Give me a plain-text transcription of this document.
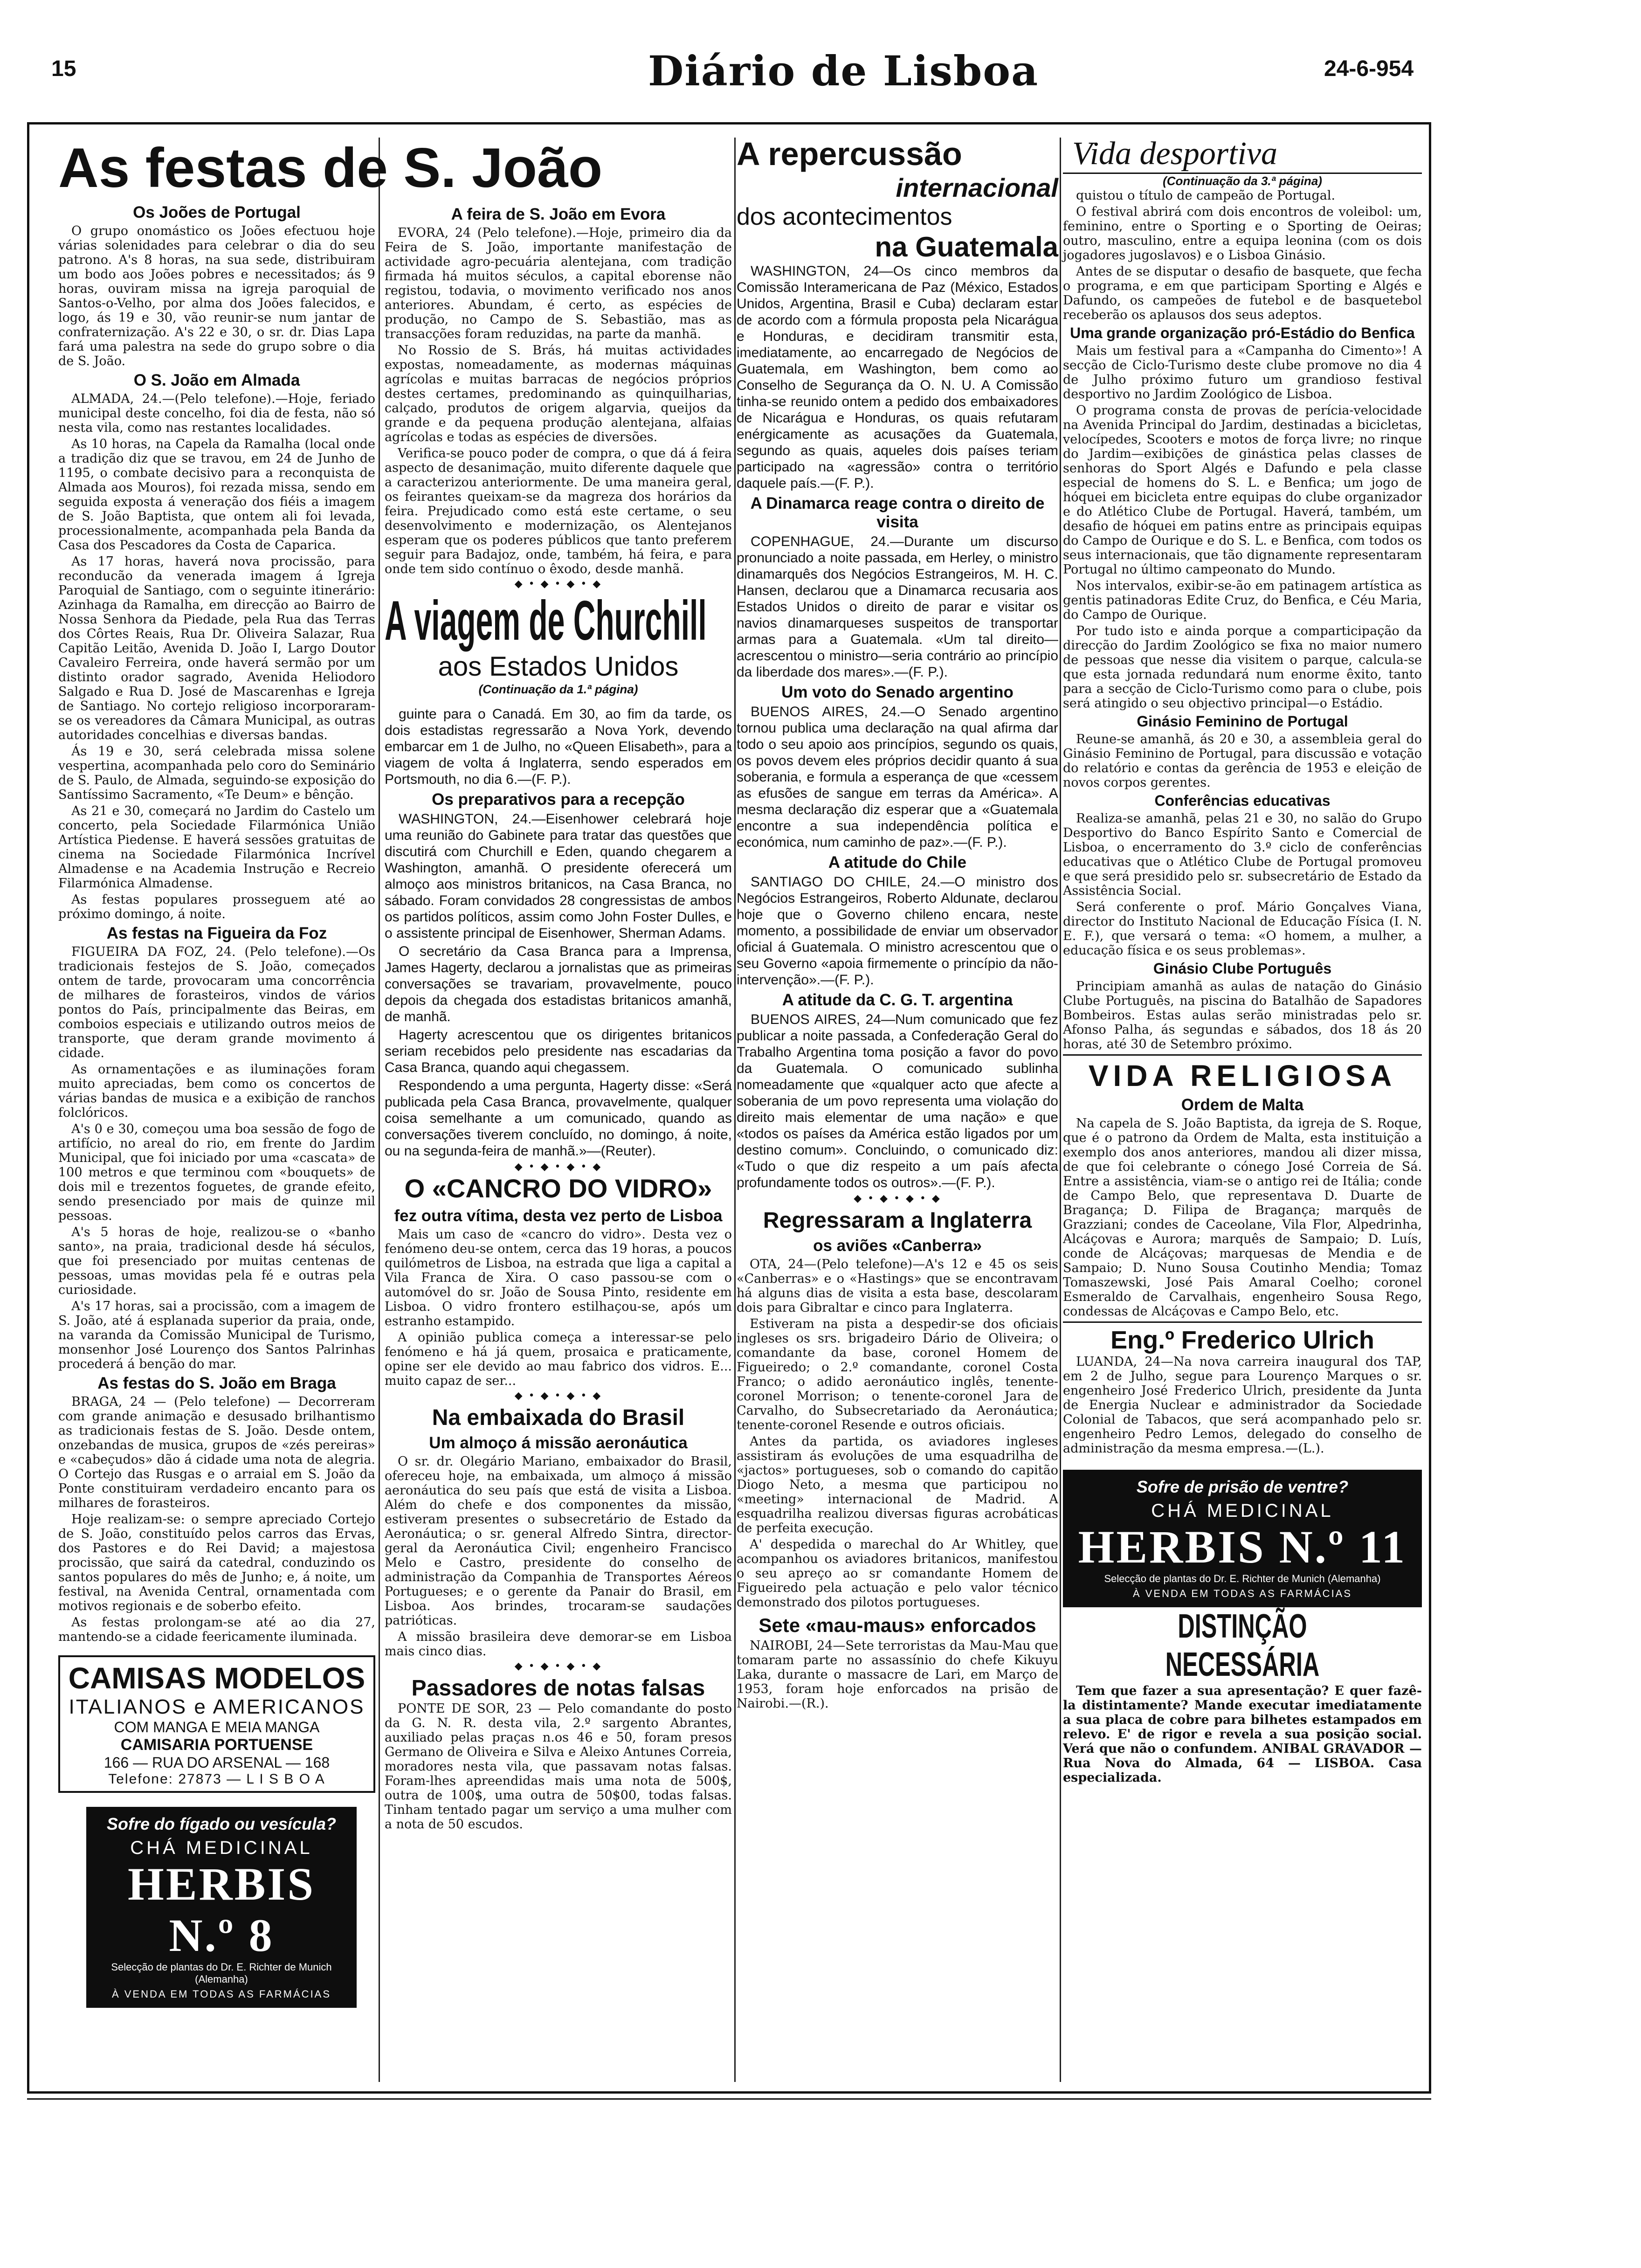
15	Diário de Lisboa	24-6-954
As festas de S. João
Os Joões de Portugal

O grupo onomástico os Joões efectuou hoje várias solenidades para celebrar o dia do seu patrono. A's 8 horas, na sua sede, distribuiram um bodo aos Joões pobres e necessitados; ás 9 horas, ouviram missa na igreja paroquial de Santos-o-Velho, por alma dos Joões falecidos, e logo, ás 19 e 30, vão reunir-se num jantar de confraternização. A's 22 e 30, o sr. dr. Dias Lapa fará uma palestra na sede do grupo sobre o dia de S. João.

O S. João em Almada

ALMADA, 24.—(Pelo telefone).—Hoje, feriado municipal deste concelho, foi dia de festa, não só nesta vila, como nas restantes localidades.

As 10 horas, na Capela da Ramalha (local onde a tradição diz que se travou, em 24 de Junho de 1195, o combate decisivo para a reconquista de Almada aos Mouros), foi rezada missa, sendo em seguida exposta á veneração dos fiéis a imagem de S. João Baptista, que ontem ali foi levada, processionalmente, acompanhada pela Banda da Casa dos Pescadores da Costa de Caparica.

As 17 horas, haverá nova procissão, para reconducão da venerada imagem á Igreja Paroquial de Santiago, com o seguinte itinerário: Azinhaga da Ramalha, em direcção ao Bairro de Nossa Senhora da Piedade, pela Rua das Terras dos Côrtes Reais, Rua Dr. Oliveira Salazar, Rua Capitão Leitão, Avenida D. João I, Largo Doutor Cavaleiro Ferreira, onde haverá sermão por um distinto orador sagrado, Avenida Heliodoro Salgado e Rua D. José de Mascarenhas e Igreja de Santiago. No cortejo religioso incorporaram-se os vereadores da Câmara Municipal, as outras autoridades concelhias e diversas bandas.

Ás 19 e 30, será celebrada missa solene vespertina, acompanhada pelo coro do Seminário de S. Paulo, de Almada, seguindo-se exposição do Santíssimo Sacramento, «Te Deum» e bênção.

As 21 e 30, começará no Jardim do Castelo um concerto, pela Sociedade Filarmónica União Artística Piedense. E haverá sessões gratuitas de cinema na Sociedade Filarmónica Incrível Almadense e na Academia Instrução e Recreio Filarmónica Almadense.

As festas populares prosseguem até ao próximo domingo, á noite.

As festas na Figueira da Foz

FIGUEIRA DA FOZ, 24. (Pelo telefone).—Os tradicionais festejos de S. João, começados ontem de tarde, provocaram uma concorrência de milhares de forasteiros, vindos de vários pontos do País, principalmente das Beiras, em comboios especiais e utilizando outros meios de transporte, que deram grande movimento á cidade.

As ornamentações e as iluminações foram muito apreciadas, bem como os concertos de várias bandas de musica e a exibição de ranchos folclóricos.

A's 0 e 30, começou uma boa sessão de fogo de artifício, no areal do rio, em frente do Jardim Municipal, que foi iniciado por uma «cascata» de 100 metros e que terminou com «bouquets» de dois mil e trezentos foguetes, de grande efeito, sendo presenciado por mais de quinze mil pessoas.

A's 5 horas de hoje, realizou-se o «banho santo», na praia, tradicional desde há séculos, que foi presenciado por muitas centenas de pessoas, umas movidas pela fé e outras pela curiosidade.

A's 17 horas, sai a procissão, com a imagem de S. João, até á esplanada superior da praia, onde, na varanda da Comissão Municipal de Turismo, monsenhor José Lourenço dos Santos Palrinhas procederá á benção do mar.

As festas do S. João em Braga

BRAGA, 24 — (Pelo telefone) — Decorreram com grande animação e desusado brilhantismo as tradicionais festas de S. João. Desde ontem, onzebandas de musica, grupos de «zés pereiras» e «cabeçudos» dão á cidade uma nota de alegria. O Cortejo das Rusgas e o arraial em S. João da Ponte constituiram verdadeiro encanto para os milhares de forasteiros.

Hoje realizam-se: o sempre apreciado Cortejo de S. João, constituído pelos carros das Ervas, dos Pastores e do Rei David; a majestosa procissão, que sairá da catedral, conduzindo os santos populares do mês de Junho; e, á noite, um festival, na Avenida Central, ornamentada com motivos regionais e de soberbo efeito.

As festas prolongam-se até ao dia 27, mantendo-se a cidade feericamente iluminada.

CAMISAS MODELOS
ITALIANOS e AMERICANOS
COM MANGA E MEIA MANGA
CAMISARIA PORTUENSE
166 — RUA DO ARSENAL — 168
Telefone: 27873 — L I S B O A
Sofre do fígado ou vesícula?
CHÁ MEDICINAL
HERBIS N.º 8
Selecção de plantas do Dr. E. Richter de Munich (Alemanha)
À VENDA EM TODAS AS FARMÁCIAS
A feira de S. João em Evora

EVORA, 24 (Pelo telefone).—Hoje, primeiro dia da Feira de S. João, importante manifestação de actividade agro-pecuária alentejana, com tradição firmada há muitos séculos, a capital eborense não registou, todavia, o movimento verificado nos anos anteriores. Abundam, é certo, as espécies de produção, no Campo de S. Sebastião, mas as transacções foram reduzidas, na parte da manhã.

No Rossio de S. Brás, há muitas actividades expostas, nomeadamente, as modernas máquinas agrícolas e muitas barracas de negócios próprios destes certames, predominando as quinquilharias, calçado, produtos de origem algarvia, queijos da grande e da pequena produção alentejana, alfaias agrícolas e todas as espécies de diversões.

Verifica-se pouco poder de compra, o que dá á feira aspecto de desanimação, muito diferente daquele que a caracterizou anteriormente. De uma maneira geral, os feirantes queixam-se da magreza dos horários da feira. Prejudicado como está este certame, o seu desenvolvimento e modernização, os Alentejanos esperam que os poderes públicos que tanto preferem seguir para Badajoz, onde, também, há feira, e para onde tem sido contínuo o êxodo, desde manhã.

◆ • ◆ • ◆ • ◆
A viagem de Churchill
aos Estados Unidos
(Continuação da 1.ª página)

guinte para o Canadá. Em 30, ao fim da tarde, os dois estadistas regressarão a Nova York, devendo embarcar em 1 de Julho, no «Queen Elisabeth», para a viagem de volta á Inglaterra, sendo esperados em Portsmouth, no dia 6.—(F. P.).

Os preparativos para a recepção

WASHINGTON, 24.—Eisenhower celebrará hoje uma reunião do Gabinete para tratar das questões que discutirá com Churchill e Eden, quando chegarem a Washington, amanhã. O presidente oferecerá um almoço aos ministros britanicos, na Casa Branca, no sábado. Foram convidados 28 congressistas de ambos os partidos políticos, assim como John Foster Dulles, e o assistente principal de Eisenhower, Sherman Adams.

O secretário da Casa Branca para a Imprensa, James Hagerty, declarou a jornalistas que as primeiras conversações se travariam, provavelmente, pouco depois da chegada dos estadistas britanicos amanhã, de manhã.

Hagerty acrescentou que os dirigentes britanicos seriam recebidos pelo presidente nas escadarias da Casa Branca, quando aqui chegassem.

Respondendo a uma pergunta, Hagerty disse: «Será publicada pela Casa Branca, provavelmente, qualquer coisa semelhante a um comunicado, quando as conversações tiverem concluído, no domingo, á noite, ou na segunda-feira de manhã.»—(Reuter).

◆ • ◆ • ◆ • ◆
O «CANCRO DO VIDRO»
fez outra vítima, desta vez perto de Lisboa

Mais um caso de «cancro do vidro». Desta vez o fenómeno deu-se ontem, cerca das 19 horas, a poucos quilómetros de Lisboa, na estrada que liga a capital a Vila Franca de Xira. O caso passou-se com o automóvel do sr. João de Sousa Pinto, residente em Lisboa. O vidro frontero estilhaçou-se, após um estranho estampido.

A opinião publica começa a interessar-se pelo fenómeno e há já quem, prosaica e praticamente, opine ser ele devido ao mau fabrico dos vidros. E... muito capaz de ser...

◆ • ◆ • ◆ • ◆
Na embaixada do Brasil
Um almoço á missão aeronáutica

O sr. dr. Olegário Mariano, embaixador do Brasil, ofereceu hoje, na embaixada, um almoço á missão aeronáutica do seu país que está de visita a Lisboa. Além do chefe e dos componentes da missão, estiveram presentes o subsecretário de Estado da Aeronáutica; o sr. general Alfredo Sintra, director-geral da Aeronáutica Civil; engenheiro Francisco Melo e Castro, presidente do conselho de administração da Companhia de Transportes Aéreos Portugueses; e o gerente da Panair do Brasil, em Lisboa. Aos brindes, trocaram-se saudações patrióticas.

A missão brasileira deve demorar-se em Lisboa mais cinco dias.

◆ • ◆ • ◆ • ◆
Passadores de notas falsas

PONTE DE SOR, 23 — Pelo comandante do posto da G. N. R. desta vila, 2.º sargento Abrantes, auxiliado pelas praças n.os 46 e 50, foram presos Germano de Oliveira e Silva e Aleixo Antunes Correia, moradores nesta vila, que passavam notas falsas. Foram-lhes apreendidas mais uma nota de 500$, outra de 100$, uma outra de 50$00, todas falsas. Tinham tentado pagar um serviço a uma mulher com a nota de 50 escudos.

A repercussão
internacional
dos acontecimentos
na Guatemala

WASHINGTON, 24—Os cinco membros da Comissão Interamericana de Paz (México, Estados Unidos, Argentina, Brasil e Cuba) declaram estar de acordo com a fórmula proposta pela Nicarágua e Honduras, e decidiram transmitir esta, imediatamente, ao encarregado de Negócios de Guatemala, em Washington, bem como ao Conselho de Segurança da O. N. U. A Comissão tinha-se reunido ontem a pedido dos embaixadores de Nicarágua e Honduras, os quais refutaram enérgicamente as acusações da Guatemala, segundo as quais, aqueles dois países teriam participado na «agressão» contra o território daquele país.—(F. P.).

A Dinamarca reage contra o direito de visita

COPENHAGUE, 24.—Durante um discurso pronunciado a noite passada, em Herley, o ministro dinamarquês dos Negócios Estrangeiros, M. H. C. Hansen, declarou que a Dinamarca recusaria aos Estados Unidos o direito de parar e visitar os navios dinamarqueses suspeitos de transportar armas para a Guatemala. «Um tal direito—acrescentou o ministro—seria contrário ao princípio da liberdade dos mares».—(F. P.).

Um voto do Senado argentino

BUENOS AIRES, 24.—O Senado argentino tornou publica uma declaração na qual afirma dar todo o seu apoio aos princípios, segundo os quais, os povos devem eles próprios decidir quanto á sua soberania, e formula a esperança de que «cessem as efusões de sangue em terras da América». A mesma declaração diz esperar que a «Guatemala encontre a sua independência política e económica, num caminho de paz».—(F. P.).

A atitude do Chile

SANTIAGO DO CHILE, 24.—O ministro dos Negócios Estrangeiros, Roberto Aldunate, declarou hoje que o Governo chileno encara, neste momento, a possibilidade de enviar um observador oficial á Guatemala. O ministro acrescentou que o seu Governo «apoia firmemente o princípio da não-intervenção».—(F. P.).

A atitude da C. G. T. argentina

BUENOS AIRES, 24—Num comunicado que fez publicar a noite passada, a Confederação Geral do Trabalho Argentina toma posição a favor do povo da Guatemala. O comunicado sublinha nomeadamente que «qualquer acto que afecte a soberania de um povo representa uma violação do direito mais elementar de uma nação» e que «todos os países da América estão ligados por um destino comum». Concluindo, o comunicado diz: «Tudo o que diz respeito a um país afecta profundamente todos os outros».—(F. P.).

◆ • ◆ • ◆ • ◆
Regressaram a Inglaterra
os aviões «Canberra»

OTA, 24—(Pelo telefone)—A's 12 e 45 os seis «Canberras» e o «Hastings» que se encontravam há alguns dias de visita a esta base, descolaram dois para Gibraltar e cinco para Inglaterra.

Estiveram na pista a despedir-se dos oficiais ingleses os srs. brigadeiro Dário de Oliveira; o comandante da base, coronel Homem de Figueiredo; o 2.º comandante, coronel Costa Franco; o adido aeronáutico inglês, tenente-coronel Morrison; o tenente-coronel Jara de Carvalho, do Subsecretariado da Aeronáutica; tenente-coronel Resende e outros oficiais.

Antes da partida, os aviadores ingleses assistiram ás evoluções de uma esquadrilha de «jactos» portugueses, sob o comando do capitão Diogo Neto, a mesma que participou no «meeting» internacional de Madrid. A esquadrilha realizou diversas figuras acrobáticas de perfeita execução.

A' despedida o marechal do Ar Whitley, que acompanhou os aviadores britanicos, manifestou o seu apreço ao sr comandante Homem de Figueiredo pela actuação e pelo valor técnico demonstrado dos pilotos portugueses.

Sete «mau-maus» enforcados

NAIROBI, 24—Sete terroristas da Mau-Mau que tomaram parte no assassínio do chefe Kikuyu Laka, durante o massacre de Lari, em Março de 1953, foram hoje enforcados na prisão de Nairobi.—(R.).

Vida desportiva
(Continuação da 3.ª página)

quistou o título de campeão de Portugal.

O festival abrirá com dois encontros de voleibol: um, feminino, entre o Sporting e o Sporting de Oeiras; outro, masculino, entre a equipa leonina (com os dois jogadores jugoslavos) e o Lisboa Ginásio.

Antes de se disputar o desafio de basquete, que fecha o programa, e em que participam Sporting e Algés e Dafundo, os campeões de futebol e de basquetebol receberão os aplausos dos seus adeptos.

Uma grande organização pró-Estádio do Benfica

Mais um festival para a «Campanha do Cimento»! A secção de Ciclo-Turismo deste clube promove no dia 4 de Julho próximo futuro um grandioso festival desportivo no Jardim Zoológico de Lisboa.

O programa consta de provas de perícia-velocidade na Avenida Principal do Jardim, destinadas a bicicletas, velocípedes, Scooters e motos de força livre; no rinque do Jardim—exibições de ginástica pelas classes de senhoras do Sport Algés e Dafundo e pela classe especial de homens do S. L. e Benfica; um jogo de hóquei em bicicleta entre equipas do clube organizador e do Atlético Clube de Portugal. Haverá, também, um desafio de hóquei em patins entre as principais equipas do Campo de Ourique e do S. L. e Benfica, com todos os seus internacionais, que tão dignamente representaram Portugal no último campeonato do Mundo.

Nos intervalos, exibir-se-ão em patinagem artística as gentis patinadoras Edite Cruz, do Benfica, e Céu Maria, do Campo de Ourique.

Por tudo isto e ainda porque a comparticipação da direcção do Jardim Zoológico se fixa no maior numero de pessoas que nesse dia visitem o parque, calcula-se que esta jornada redundará num enorme êxito, tanto para a secção de Ciclo-Turismo como para o clube, pois será atingido o seu objectivo principal—o Estádio.

Ginásio Feminino de Portugal

Reune-se amanhã, ás 20 e 30, a assembleia geral do Ginásio Feminino de Portugal, para discussão e votação do relatório e contas da gerência de 1953 e eleição de novos corpos gerentes.

Conferências educativas

Realiza-se amanhã, pelas 21 e 30, no salão do Grupo Desportivo do Banco Espírito Santo e Comercial de Lisboa, o encerramento do 3.º ciclo de conferências educativas que o Atlético Clube de Portugal promoveu e que será presidido pelo sr. subsecretário de Estado da Assistência Social.

Será conferente o prof. Mário Gonçalves Viana, director do Instituto Nacional de Educação Física (I. N. E. F.), que versará o tema: «O homem, a mulher, a educação física e os seus problemas».

Ginásio Clube Português

Principiam amanhã as aulas de natação do Ginásio Clube Português, na piscina do Batalhão de Sapadores Bombeiros. Estas aulas serão ministradas pelo sr. Afonso Palha, ás segundas e sábados, dos 18 ás 20 horas, até 30 de Setembro próximo.

VIDA RELIGIOSA
Ordem de Malta

Na capela de S. João Baptista, da igreja de S. Roque, que é o patrono da Ordem de Malta, esta instituição a exemplo dos anos anteriores, mandou ali dizer missa, de que foi celebrante o cónego José Correia de Sá. Entre a assistência, viam-se o antigo rei de Itália; conde de Campo Belo, que representava D. Duarte de Bragança; D. Filipa de Bragança; marquês de Grazziani; condes de Caceolane, Vila Flor, Alpedrinha, Alcáçovas e Aurora; marquês de Sampaio; D. Luís, conde de Alcáçovas; marquesas de Mendia e de Sampaio; D. Nuno Sousa Coutinho Mendia; Tomaz Tomaszewski, José Pais Amaral Coelho; coronel Esmeraldo de Carvalhais, engenheiro Sousa Rego, condessas de Alcáçovas e Campo Belo, etc.

Eng.º Frederico Ulrich

LUANDA, 24—Na nova carreira inaugural dos TAP, em 2 de Julho, segue para Lourenço Marques o sr. engenheiro José Frederico Ulrich, presidente da Junta de Energia Nuclear e administrador da Sociedade Colonial de Tabacos, que será acompanhado pelo sr. engenheiro Pedro Lemos, delegado do conselho de administração da mesma empresa.—(L.).

Sofre de prisão de ventre?
CHÁ MEDICINAL
HERBIS N.º 11
Selecção de plantas do Dr. E. Richter de Munich (Alemanha)
À VENDA EM TODAS AS FARMÁCIAS
DISTINÇÃO NECESSÁRIA

Tem que fazer a sua apresentação? E quer fazê-la distintamente? Mande executar imediatamente a sua placa de cobre para bilhetes estampados em relevo. E' de rigor e revela a sua posição social. Verá que não o confundem. ANIBAL GRAVADOR — Rua Nova do Almada, 64 — LISBOA. Casa especializada.
